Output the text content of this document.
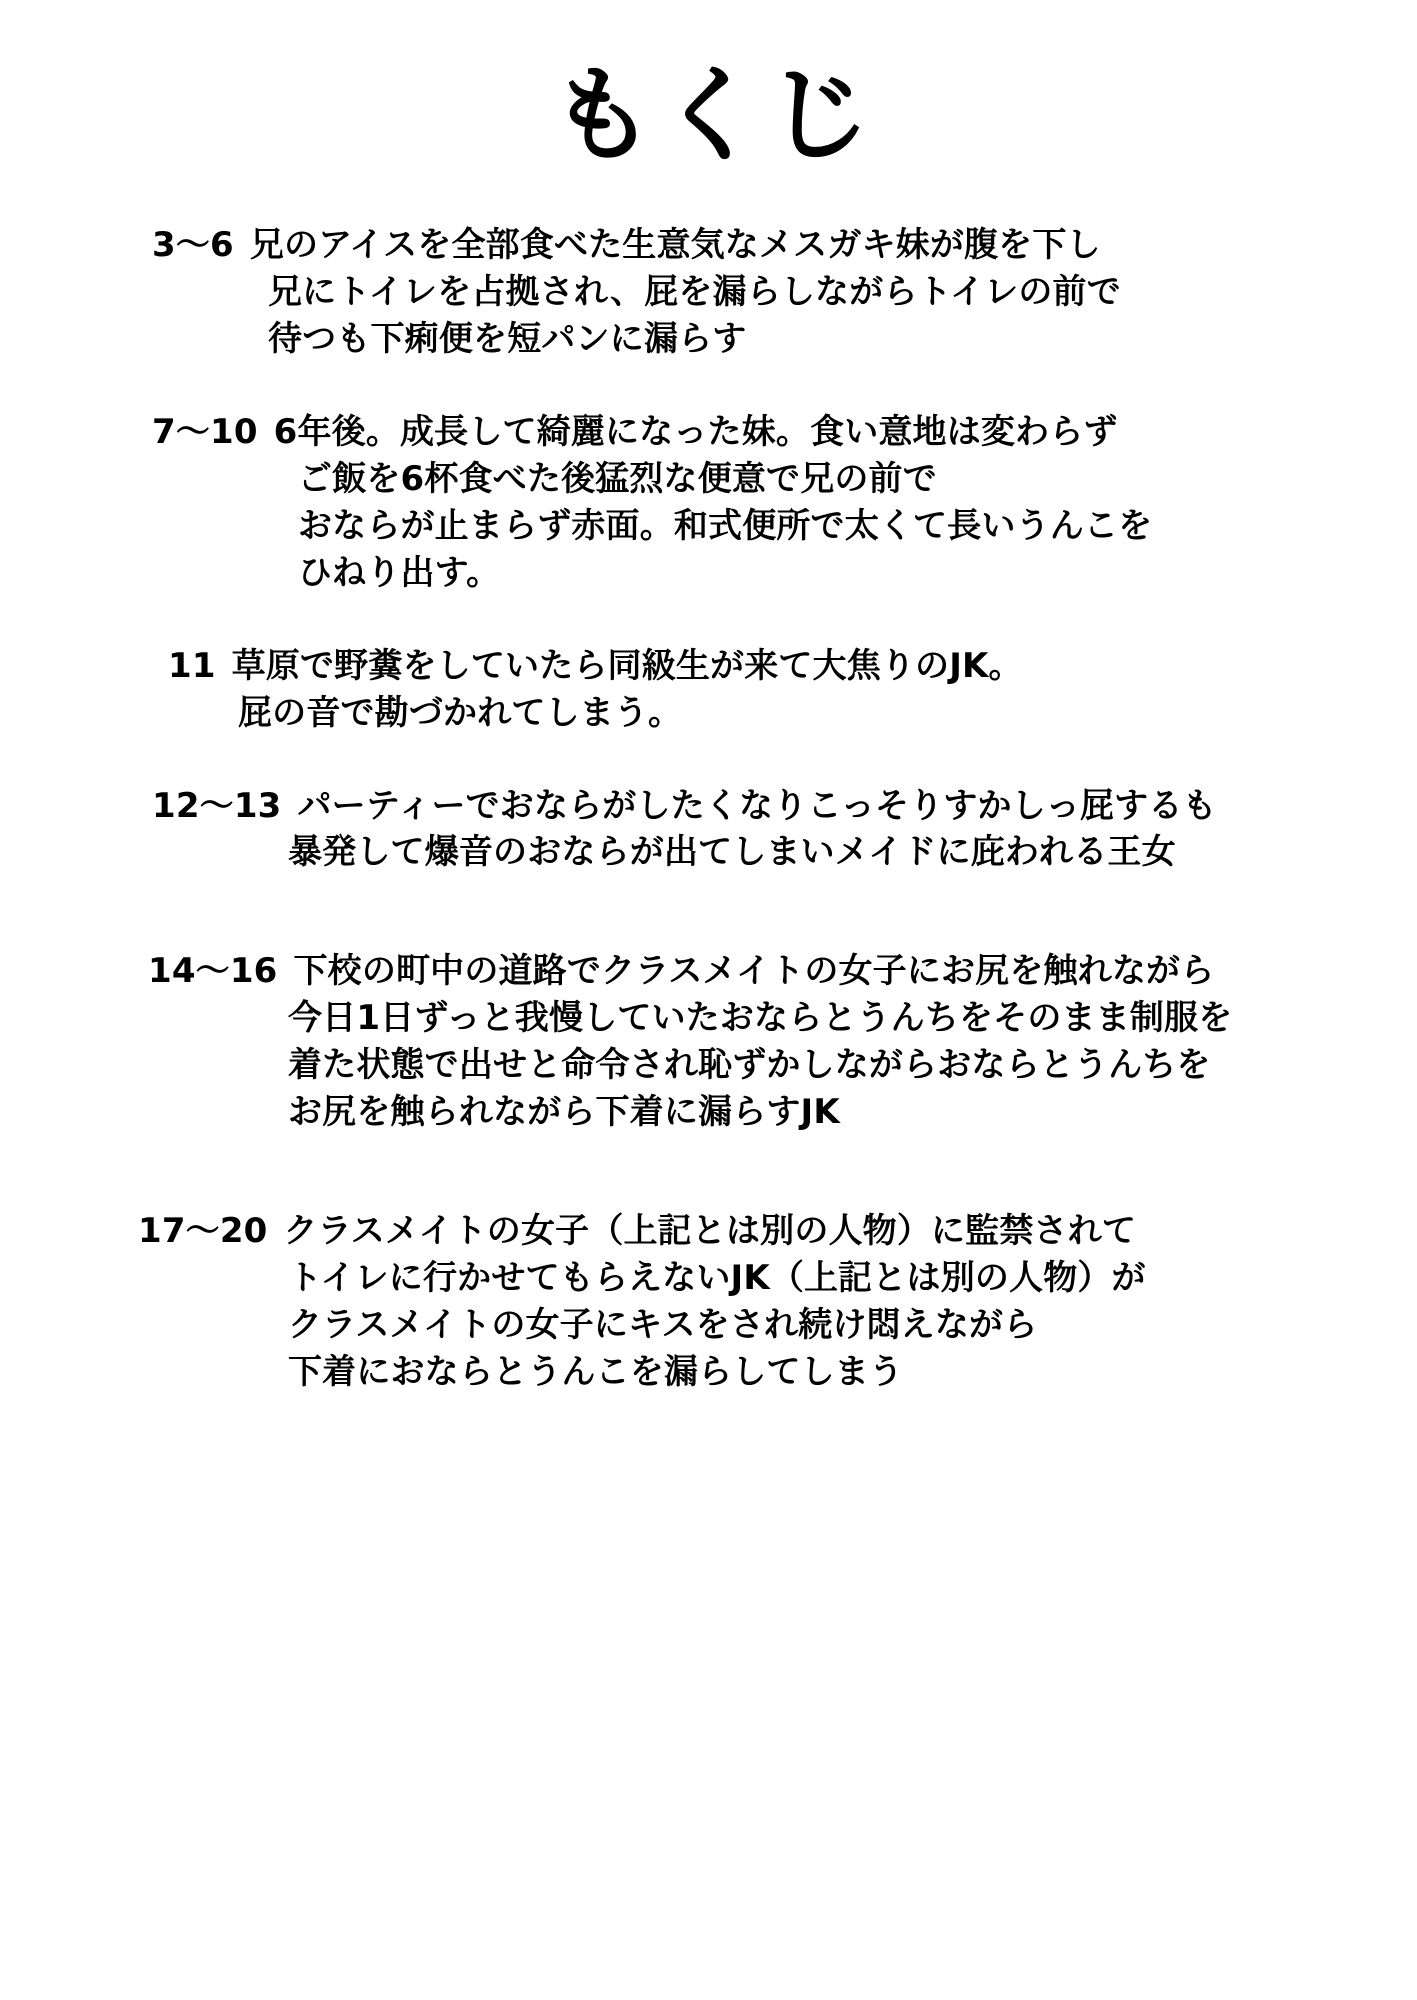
もくじ
3〜6 兄のアイスを全部食べた生意気なメスガキ妹が腹を下し
兄にトイレを占拠され、屁を漏らしながらトイレの前で
待つも下痢便を短パンに漏らす
7〜10 6年後。成長して綺麗になった妹。食い意地は変わらず
ご飯を6杯食べた後猛烈な便意で兄の前で
おならが止まらず赤面。和式便所で太くて長いうんこを
ひねり出す。
11 草原で野糞をしていたら同級生が来て大焦りのJK。
屁の音で勘づかれてしまう。
12〜13 パーティーでおならがしたくなりこっそりすかしっ屁するも
暴発して爆音のおならが出てしまいメイドに庇われる王女
14〜16 下校の町中の道路でクラスメイトの女子にお尻を触れながら
今日1日ずっと我慢していたおならとうんちをそのまま制服を
着た状態で出せと命令され恥ずかしながらおならとうんちを
お尻を触られながら下着に漏らすJK
17〜20 クラスメイトの女子（上記とは別の人物）に監禁されて
トイレに行かせてもらえないJK（上記とは別の人物）が
クラスメイトの女子にキスをされ続け悶えながら
下着におならとうんこを漏らしてしまう
